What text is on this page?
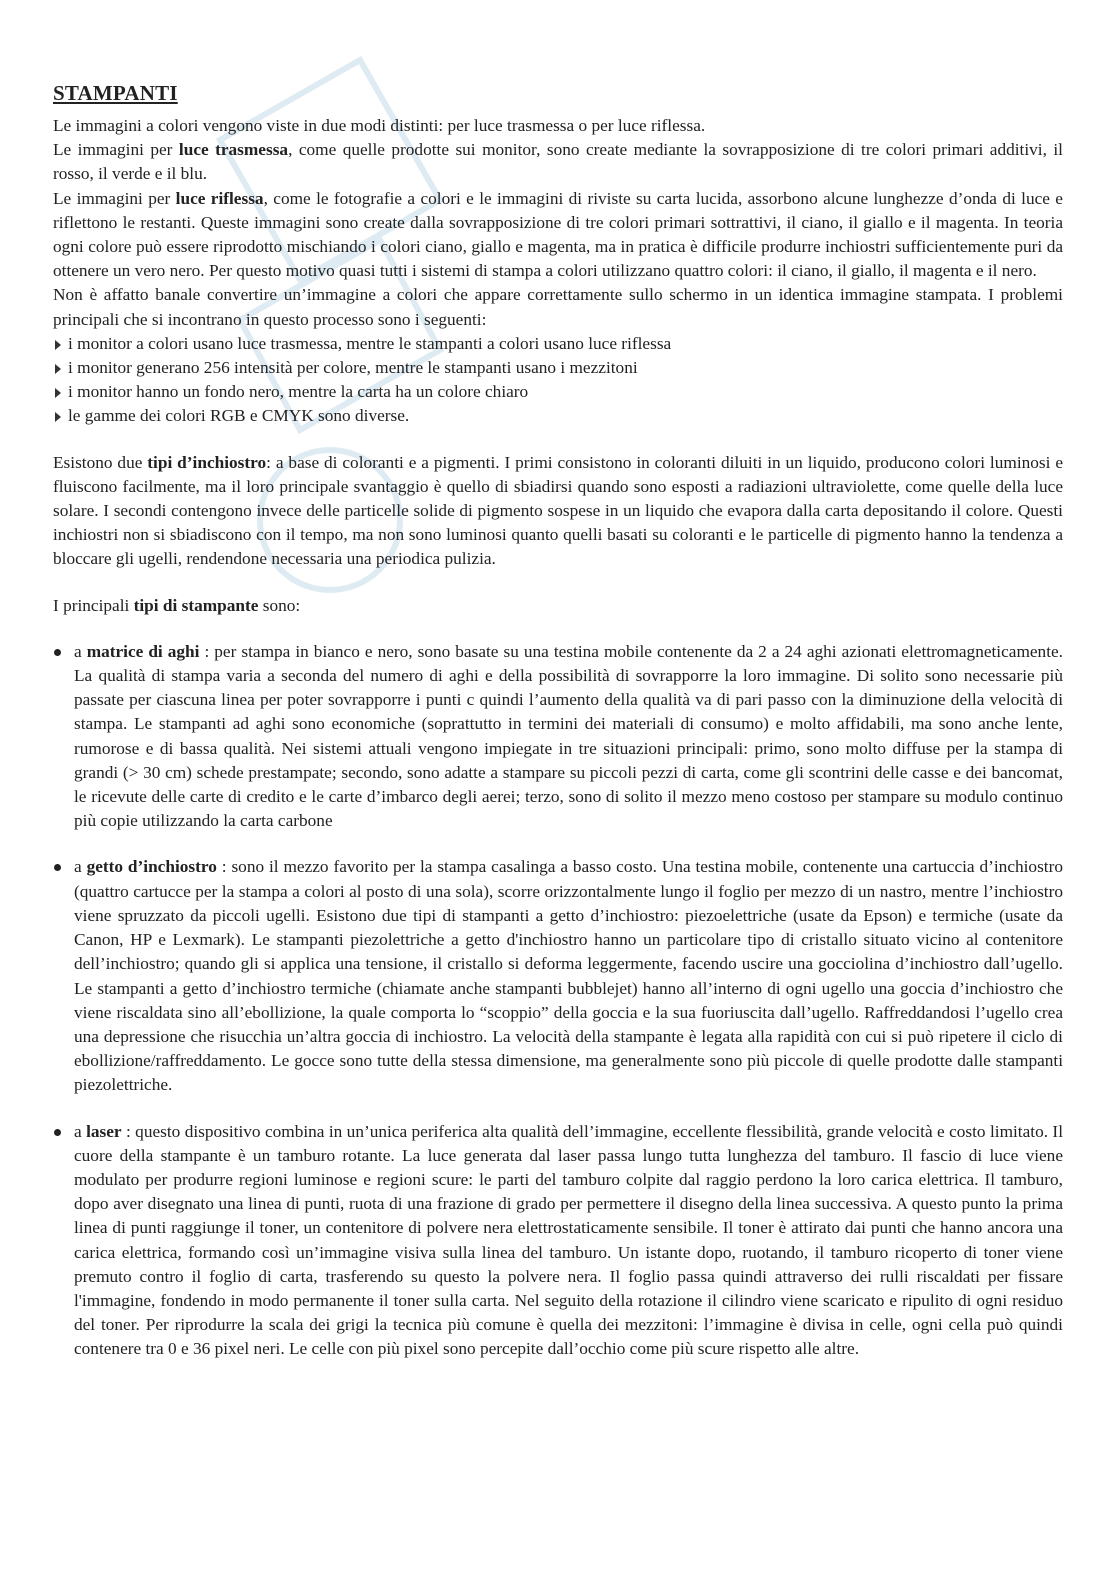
STAMPANTI

Le immagini a colori vengono viste in due modi distinti: per luce trasmessa o per luce riflessa.

Le immagini per luce trasmessa, come quelle prodotte sui monitor, sono create mediante la sovrapposizione di tre colori primari additivi, il rosso, il verde e il blu.

Le immagini per luce riflessa, come le fotografie a colori e le immagini di riviste su carta lucida, assorbono alcune lunghezze d’onda di luce e riflettono le restanti. Queste immagini sono create dalla sovrapposizione di tre colori primari sottrattivi, il ciano, il giallo e il magenta. In teoria ogni colore può essere riprodotto mischiando i colori ciano, giallo e magenta, ma in pratica è difficile produrre inchiostri sufficientemente puri da ottenere un vero nero. Per questo motivo quasi tutti i sistemi di stampa a colori utilizzano quattro colori: il ciano, il giallo, il magenta e il nero.

Non è affatto banale convertire un’immagine a colori che appare correttamente sullo schermo in un identica immagine stampata. I problemi principali che si incontrano in questo processo sono i seguenti:

i monitor a colori usano luce trasmessa, mentre le stampanti a colori usano luce riflessa
i monitor generano 256 intensità per colore, mentre le stampanti usano i mezzitoni
i monitor hanno un fondo nero, mentre la carta ha un colore chiaro
le gamme dei colori RGB e CMYK sono diverse.

Esistono due tipi d’inchiostro: a base di coloranti e a pigmenti. I primi consistono in coloranti diluiti in un liquido, producono colori luminosi e fluiscono facilmente, ma il loro principale svantaggio è quello di sbiadirsi quando sono esposti a radiazioni ultraviolette, come quelle della luce solare. I secondi contengono invece delle particelle solide di pigmento sospese in un liquido che evapora dalla carta depositando il colore. Questi inchiostri non si sbiadiscono con il tempo, ma non sono luminosi quanto quelli basati su coloranti e le particelle di pigmento hanno la tendenza a bloccare gli ugelli, rendendone necessaria una periodica pulizia.

I principali tipi di stampante sono:

a matrice di aghi : per stampa in bianco e nero, sono basate su una testina mobile contenente da 2 a 24 aghi azionati elettromagneticamente. La qualità di stampa varia a seconda del numero di aghi e della possibilità di sovrapporre la loro immagine. Di solito sono necessarie più passate per ciascuna linea per poter sovrapporre i punti c quindi l’aumento della qualità va di pari passo con la diminuzione della velocità di stampa. Le stampanti ad aghi sono economiche (soprattutto in termini dei materiali di consumo) e molto affidabili, ma sono anche lente, rumorose e di bassa qualità. Nei sistemi attuali vengono impiegate in tre situazioni principali: primo, sono molto diffuse per la stampa di grandi (> 30 cm) schede prestampate; secondo, sono adatte a stampare su piccoli pezzi di carta, come gli scontrini delle casse e dei bancomat, le ricevute delle carte di credito e le carte d’imbarco degli aerei; terzo, sono di solito il mezzo meno costoso per stampare su modulo continuo più copie utilizzando la carta carbone
a getto d’inchiostro : sono il mezzo favorito per la stampa casalinga a basso costo. Una testina mobile, contenente una cartuccia d’inchiostro (quattro cartucce per la stampa a colori al posto di una sola), scorre orizzontalmente lungo il foglio per mezzo di un nastro, mentre l’inchiostro viene spruzzato da piccoli ugelli. Esistono due tipi di stampanti a getto d’inchiostro: piezoelettriche (usate da Epson) e termiche (usate da Canon, HP e Lexmark). Le stampanti piezolettriche a getto d'inchiostro hanno un particolare tipo di cristallo situato vicino al contenitore dell’inchiostro; quando gli si applica una tensione, il cristallo si deforma leggermente, facendo uscire una gocciolina d’inchiostro dall’ugello. Le stampanti a getto d’inchiostro termiche (chiamate anche stampanti bubblejet) hanno all’interno di ogni ugello una goccia d’inchiostro che viene riscaldata sino all’ebollizione, la quale comporta lo “scoppio” della goccia e la sua fuoriuscita dall’ugello. Raffreddandosi l’ugello crea una depressione che risucchia un’altra goccia di inchiostro. La velocità della stampante è legata alla rapidità con cui si può ripetere il ciclo di ebollizione/raffreddamento. Le gocce sono tutte della stessa dimensione, ma generalmente sono più piccole di quelle prodotte dalle stampanti piezolettriche.
a laser : questo dispositivo combina in un’unica periferica alta qualità dell’immagine, eccellente flessibilità, grande velocità e costo limitato. Il cuore della stampante è un tamburo rotante. La luce generata dal laser passa lungo tutta lunghezza del tamburo. Il fascio di luce viene modulato per produrre regioni luminose e regioni scure: le parti del tamburo colpite dal raggio perdono la loro carica elettrica. Il tamburo, dopo aver disegnato una linea di punti, ruota di una frazione di grado per permettere il disegno della linea successiva. A questo punto la prima linea di punti raggiunge il toner, un contenitore di polvere nera elettrostaticamente sensibile. Il toner è attirato dai punti che hanno ancora una carica elettrica, formando così un’immagine visiva sulla linea del tamburo. Un istante dopo, ruotando, il tamburo ricoperto di toner viene premuto contro il foglio di carta, trasferendo su questo la polvere nera. Il foglio passa quindi attraverso dei rulli riscaldati per fissare l'immagine, fondendo in modo permanente il toner sulla carta. Nel seguito della rotazione il cilindro viene scaricato e ripulito di ogni residuo del toner. Per riprodurre la scala dei grigi la tecnica più comune è quella dei mezzitoni: l’immagine è divisa in celle, ogni cella può quindi contenere tra 0 e 36 pixel neri. Le celle con più pixel sono percepite dall’occhio come più scure rispetto alle altre.
